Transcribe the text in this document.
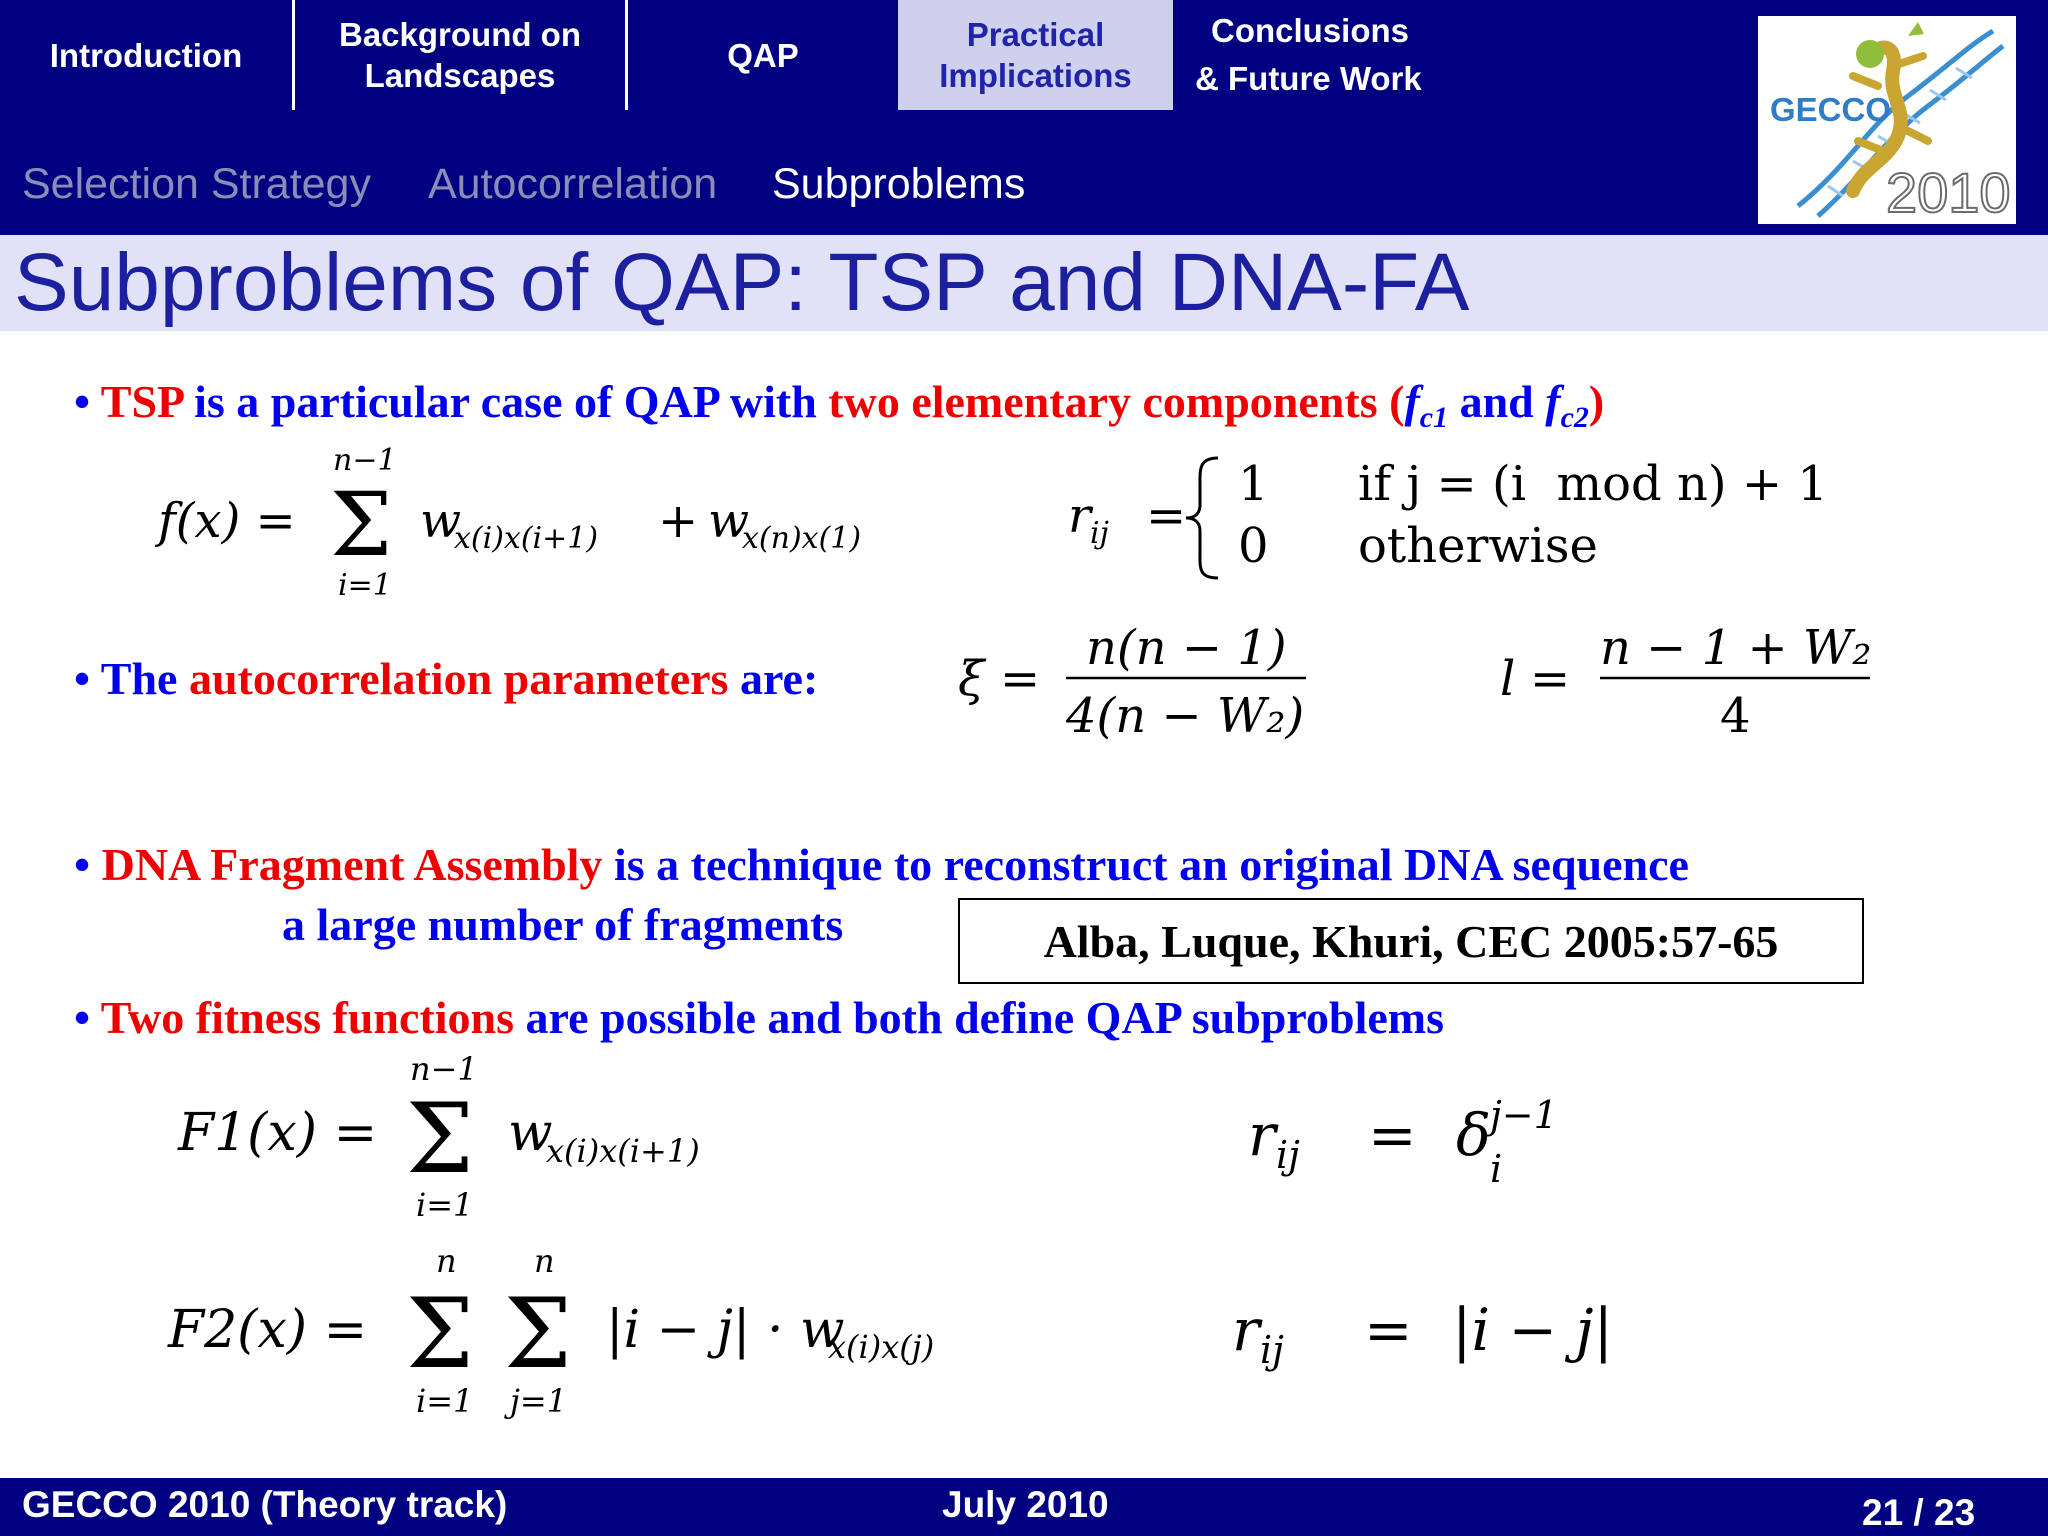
Introduction
Background on
Landscapes
QAP
Practical
Implications
Conclusions
& Future Work
Selection Strategy Autocorrelation Subproblems
GECCO
2010
Subproblems of QAP: TSP and DNA-FA
• TSP is a particular case of QAP with two elementary components ($f_{c1}$ and $f_{c2}$)
f(x) =
n−1
Σ
i=1
w
x(i)x(i+1) + w
x(n)x(1)	r ij =
1 if j = (i  mod n) + 1
0 otherwise
• The autocorrelation parameters are:	ξ =
n(n − 1)
4(n − W₂)
l =
n − 1 + W₂
4
• DNA Fragment Assembly is a technique to reconstruct an original DNA sequence
a large number of fragments	Alba, Luque, Khuri, CEC 2005:57-65
• Two fitness functions are possible and both define QAP subproblems
F1(x) =
n−1
Σ
i=1
w
x(i)x(i+1)	r ij = δ j−1
i
F2(x) =
n
Σ
i=1
n
Σ
j=1
|i − j| · w
x(i)x(j)	r ij = |i − j|
GECCO 2010 (Theory track)	July 2010	21 / 23
